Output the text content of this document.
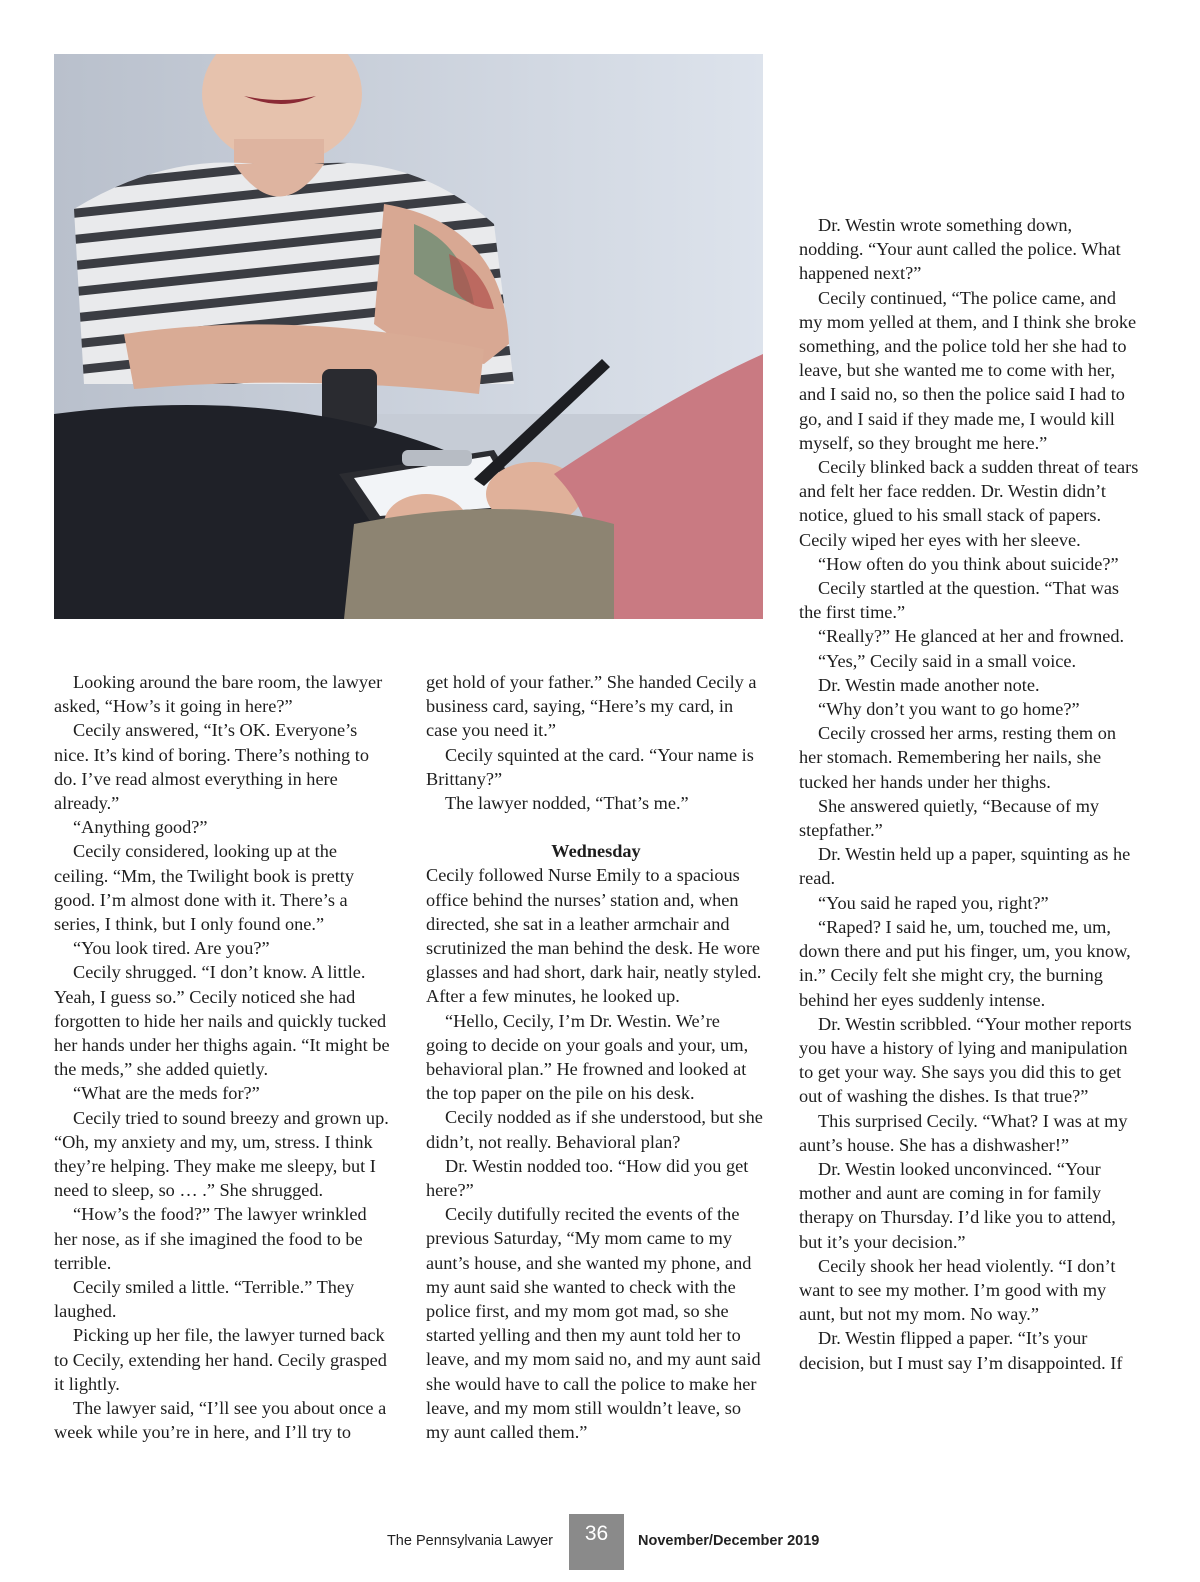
Looking around the bare room, the lawyer asked, “How’s it going in here?”

Cecily answered, “It’s OK. Everyone’s nice. It’s kind of boring. There’s nothing to do. I’ve read almost everything in here already.”

“Anything good?”

Cecily considered, looking up at the ceiling. “Mm, the Twilight book is pretty good. I’m almost done with it. There’s a series, I think, but I only found one.”

“You look tired. Are you?”

Cecily shrugged. “I don’t know. A little. Yeah, I guess so.” Cecily noticed she had forgotten to hide her nails and quickly tucked her hands under her thighs again. “It might be the meds,” she added quietly.

“What are the meds for?”

Cecily tried to sound breezy and grown up. “Oh, my anxiety and my, um, stress. I think they’re helping. They make me sleepy, but I need to sleep, so … .” She shrugged.

“How’s the food?” The lawyer wrinkled her nose, as if she imagined the food to be terrible.

Cecily smiled a little. “Terrible.” They laughed.

Picking up her file, the lawyer turned back to Cecily, extending her hand. Cecily grasped it lightly.

The lawyer said, “I’ll see you about once a week while you’re in here, and I’ll try to

get hold of your father.” She handed Cecily a business card, saying, “Here’s my card, in case you need it.”

Cecily squinted at the card. “Your name is Brittany?”

The lawyer nodded, “That’s me.”

Wednesday

Cecily followed Nurse Emily to a spacious office behind the nurses’ station and, when directed, she sat in a leather armchair and scrutinized the man behind the desk. He wore glasses and had short, dark hair, neatly styled. After a few minutes, he looked up.

“Hello, Cecily, I’m Dr. Westin. We’re going to decide on your goals and your, um, behavioral plan.” He frowned and looked at the top paper on the pile on his desk.

Cecily nodded as if she understood, but she didn’t, not really. Behavioral plan?

Dr. Westin nodded too. “How did you get here?”

Cecily dutifully recited the events of the previous Saturday, “My mom came to my aunt’s house, and she wanted my phone, and my aunt said she wanted to check with the police first, and my mom got mad, so she started yelling and then my aunt told her to leave, and my mom said no, and my aunt said she would have to call the police to make her leave, and my mom still wouldn’t leave, so my aunt called them.”

Dr. Westin wrote something down, nodding. “Your aunt called the police. What happened next?”

Cecily continued, “The police came, and my mom yelled at them, and I think she broke something, and the police told her she had to leave, but she wanted me to come with her, and I said no, so then the police said I had to go, and I said if they made me, I would kill myself, so they brought me here.”

Cecily blinked back a sudden threat of tears and felt her face redden. Dr. Westin didn’t notice, glued to his small stack of papers. Cecily wiped her eyes with her sleeve.

“How often do you think about suicide?”

Cecily startled at the question. “That was the first time.”

“Really?” He glanced at her and frowned.

“Yes,” Cecily said in a small voice.

Dr. Westin made another note.

“Why don’t you want to go home?”

Cecily crossed her arms, resting them on her stomach. Remembering her nails, she tucked her hands under her thighs.

She answered quietly, “Because of my stepfather.”

Dr. Westin held up a paper, squinting as he read.

“You said he raped you, right?”

“Raped? I said he, um, touched me, um, down there and put his finger, um, you know, in.” Cecily felt she might cry, the burning behind her eyes suddenly intense.

Dr. Westin scribbled. “Your mother reports you have a history of lying and manipulation to get your way. She says you did this to get out of washing the dishes. Is that true?”

This surprised Cecily. “What? I was at my aunt’s house. She has a dishwasher!”

Dr. Westin looked unconvinced. “Your mother and aunt are coming in for family therapy on Thursday. I’d like you to attend, but it’s your decision.”

Cecily shook her head violently. “I don’t want to see my mother. I’m good with my aunt, but not my mom. No way.”

Dr. Westin flipped a paper. “It’s your decision, but I must say I’m disappointed. If

The Pennsylvania Lawyer	36	November/December 2019
